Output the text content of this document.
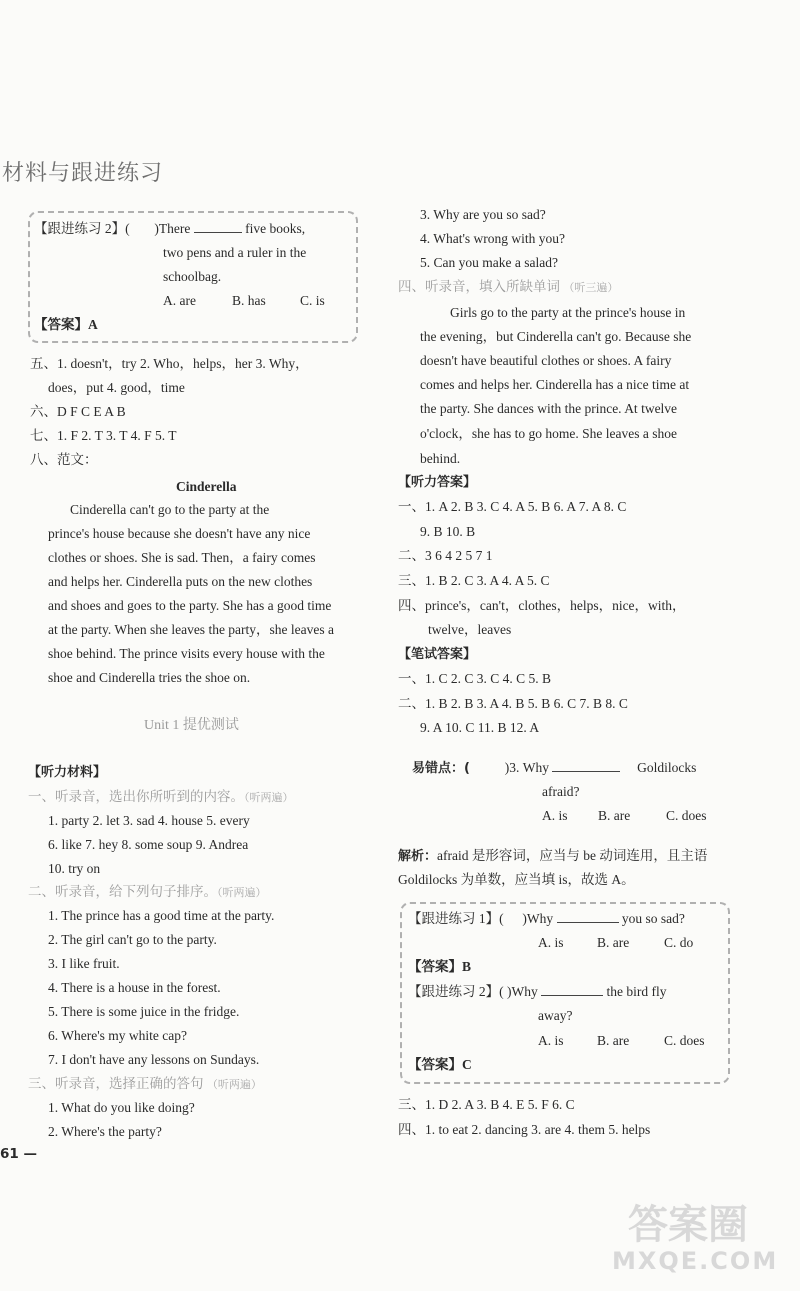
材料与跟进练习
【跟进练习 2】( )There	five books,
two pens and a ruler in the
schoolbag.
A. are	B. has	C. is
【答案】A
五、1. doesn't，try 2. Who，helps，her 3. Why，
does，put 4. good，time
六、D F C E A B
七、1. F 2. T 3. T 4. F 5. T
八、范文：
Cinderella
Cinderella can't go to the party at the
prince's house because she doesn't have any nice
clothes or shoes. She is sad. Then，a fairy comes
and helps her. Cinderella puts on the new clothes
and shoes and goes to the party. She has a good time
at the party. When she leaves the party，she leaves a
shoe behind. The prince visits every house with the
shoe and Cinderella tries the shoe on.
Unit 1 提优测试
【听力材料】
一、听录音，选出你所听到的内容。（听两遍）
1. party 2. let 3. sad 4. house 5. every
6. like 7. hey 8. some soup 9. Andrea
10. try on
二、听录音，给下列句子排序。（听两遍）
1. The prince has a good time at the party.
2. The girl can't go to the party.
3. I like fruit.
4. There is a house in the forest.
5. There is some juice in the fridge.
6. Where's my white cap?
7. I don't have any lessons on Sundays.
三、听录音，选择正确的答句 （听两遍）
1. What do you like doing?
2. Where's the party?
61 —
3. Why are you so sad?
4. What's wrong with you?
5. Can you make a salad?
四、听录音，填入所缺单词 （听三遍）
Girls go to the party at the prince's house in
the evening，but Cinderella can't go. Because she
doesn't have beautiful clothes or shoes. A fairy
comes and helps her. Cinderella has a nice time at
the party. She dances with the prince. At twelve
o'clock，she has to go home. She leaves a shoe
behind.
【听力答案】
一、1. A 2. B 3. C 4. A 5. B 6. A 7. A 8. C
9. B 10. B
二、3 6 4 2 5 7 1
三、1. B 2. C 3. A 4. A 5. C
四、prince's，can't，clothes，helps，nice，with，
twelve，leaves
【笔试答案】
一、1. C 2. C 3. C 4. C 5. B
二、1. B 2. B 3. A 4. B 5. B 6. C 7. B 8. C
9. A 10. C 11. B 12. A
易错点：(	)3. Why	Goldilocks
afraid?
A. is B. are	C. does
解析：afraid 是形容词，应当与 be 动词连用，且主语
Goldilocks 为单数，应当填 is，故选 A。
【跟进练习 1】( )Why	you so sad?
A. is B. are	C. do
【答案】B
【跟进练习 2】( )Why	the bird fly
away?
A. is B. are	C. does
【答案】C
三、1. D 2. A 3. B 4. E 5. F 6. C
四、1. to eat 2. dancing 3. are 4. them 5. helps
答案圈
MXQE.COM
